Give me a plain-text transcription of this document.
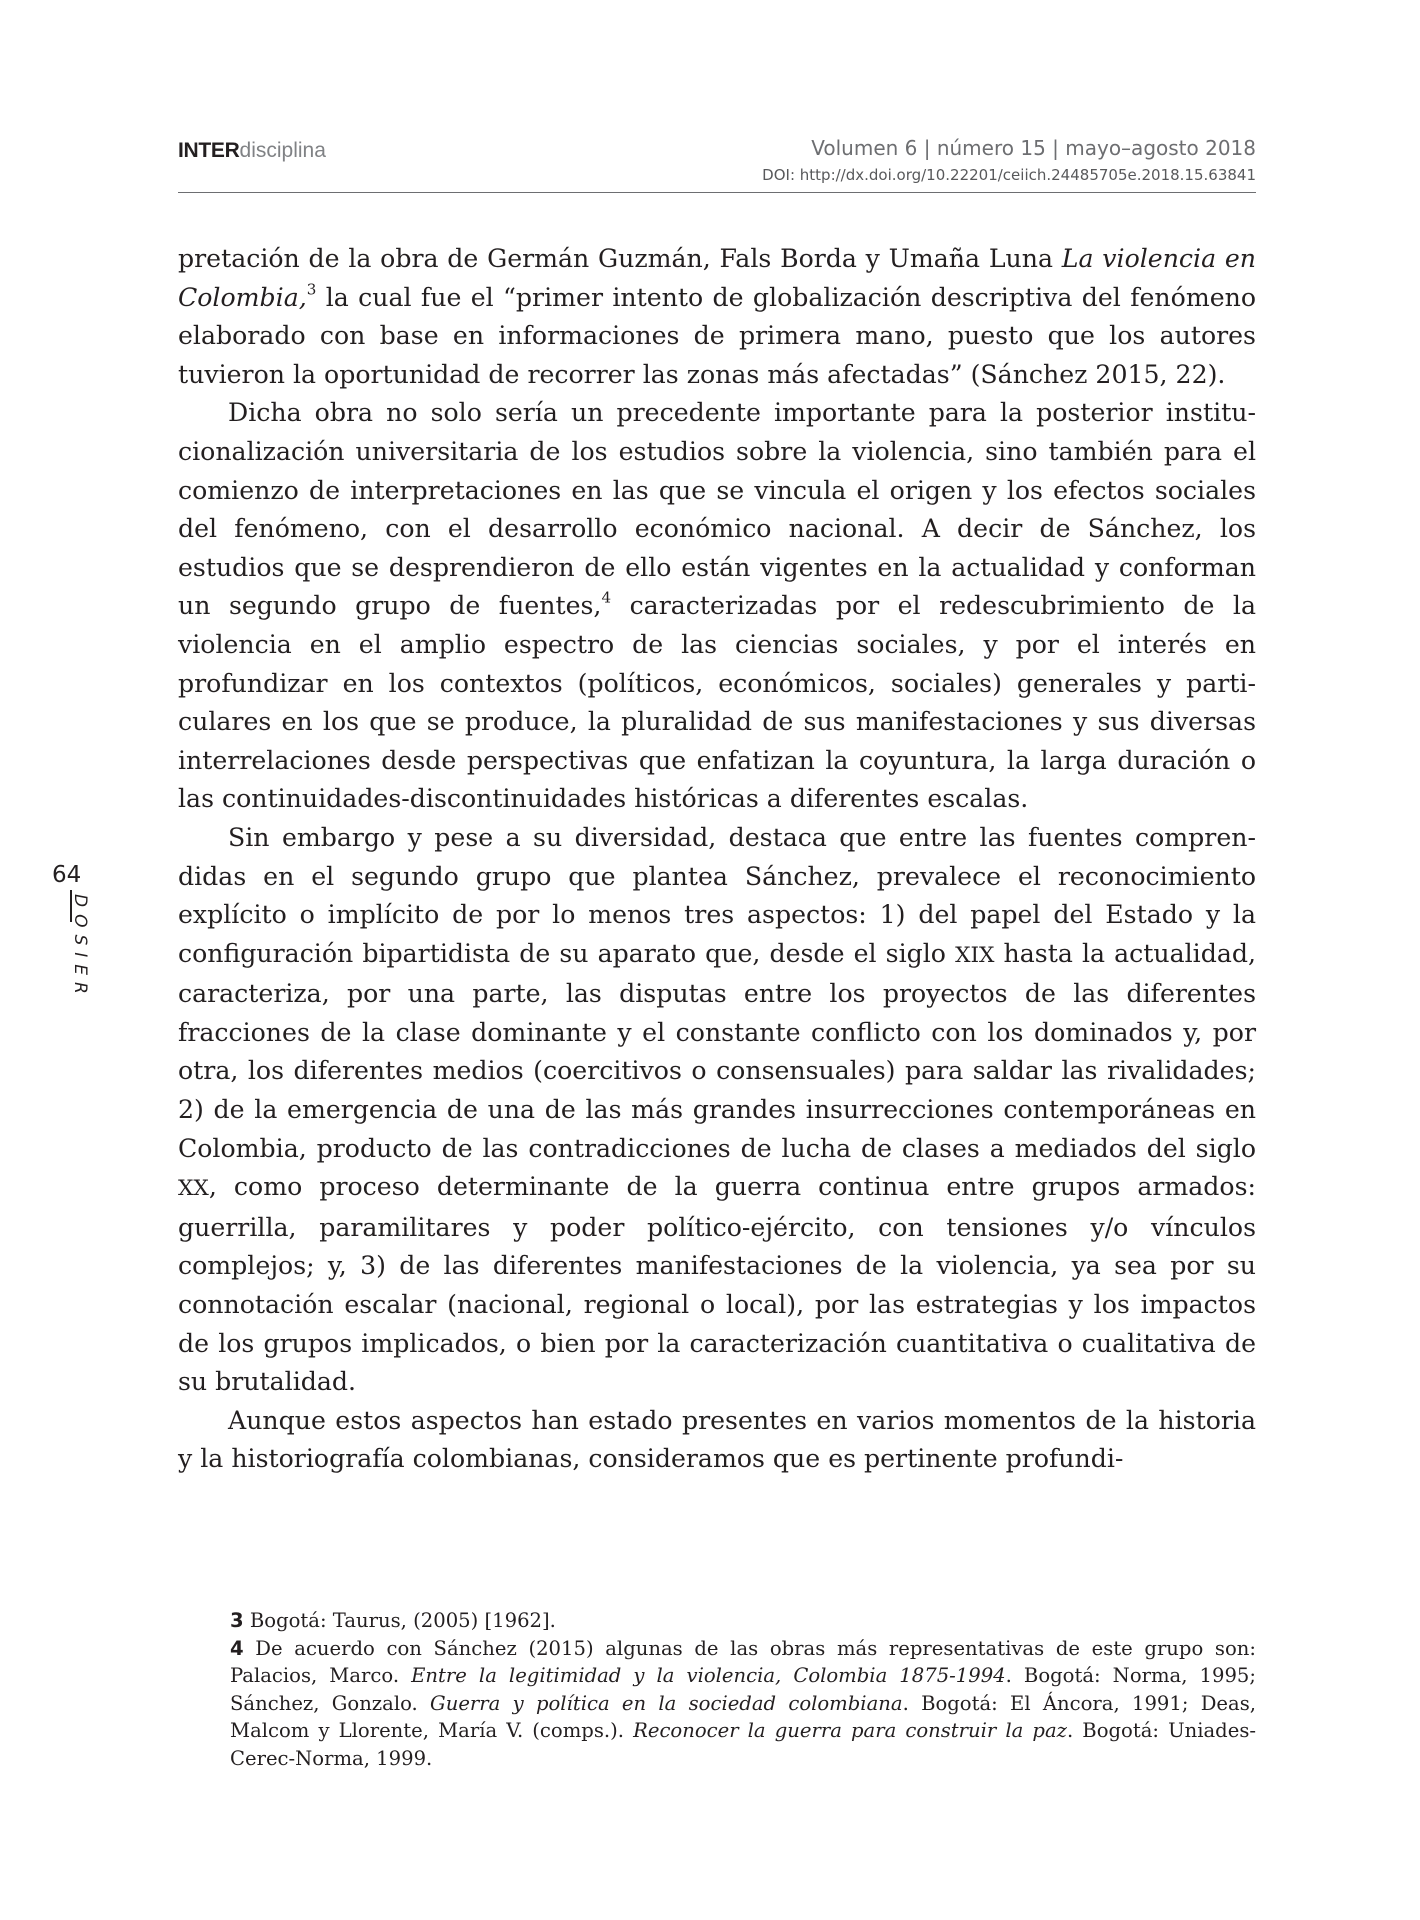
INTERdisciplina	Volumen 6 | número 15 | mayo–agosto 2018
DOI: http://dx.doi.org/10.22201/ceiich.24485705e.2018.15.63841
64
DOSIER

pretación de la obra de Germán Guzmán, Fals Borda y Umaña Luna La violencia en Colombia,$^3$ la cual fue el “primer intento de globalización descriptiva del fenómeno elaborado con base en informaciones de primera mano, puesto que los autores tuvieron la oportunidad de recorrer las zonas más afectadas” (Sánchez 2015, 22).

Dicha obra no solo sería un precedente importante para la posterior institucionalización universitaria de los estudios sobre la violencia, sino también para el comienzo de interpretaciones en las que se vincula el origen y los efectos sociales del fenómeno, con el desarrollo económico nacional. A decir de Sánchez, los estudios que se desprendieron de ello están vigentes en la actualidad y conforman un segundo grupo de fuentes,$^4$ caracterizadas por el redescubrimiento de la violencia en el amplio espectro de las ciencias sociales, y por el interés en profundizar en los contextos (políticos, económicos, sociales) generales y particulares en los que se produce, la pluralidad de sus manifestaciones y sus diversas interrelaciones desde perspectivas que enfatizan la coyuntura, la larga duración o las continuidades-discontinuidades históricas a diferentes escalas.

Sin embargo y pese a su diversidad, destaca que entre las fuentes comprendidas en el segundo grupo que plantea Sánchez, prevalece el reconocimiento explícito o implícito de por lo menos tres aspectos: 1) del papel del Estado y la configuración bipartidista de su aparato que, desde el siglo XIX hasta la actualidad, caracteriza, por una parte, las disputas entre los proyectos de las diferentes fracciones de la clase dominante y el constante conflicto con los dominados y, por otra, los diferentes medios (coercitivos o consensuales) para saldar las rivalidades; 2) de la emergencia de una de las más grandes insurrecciones contemporáneas en Colombia, producto de las contradicciones de lucha de clases a mediados del siglo XX, como proceso determinante de la guerra continua entre grupos armados: guerrilla, paramilitares y poder político-ejército, con tensiones y/o vínculos complejos; y, 3) de las diferentes manifestaciones de la violencia, ya sea por su connotación escalar (nacional, regional o local), por las estrategias y los impactos de los grupos implicados, o bien por la caracterización cuantitativa o cualitativa de su brutalidad.

Aunque estos aspectos han estado presentes en varios momentos de la historia y la historiografía colombianas, consideramos que es pertinente profundi-

3 Bogotá: Taurus, (2005) [1962].

4 De acuerdo con Sánchez (2015) algunas de las obras más representativas de este grupo son: Palacios, Marco. Entre la legitimidad y la violencia, Colombia 1875-1994. Bogotá: Norma, 1995; Sánchez, Gonzalo. Guerra y política en la sociedad colombiana. Bogotá: El Áncora, 1991; Deas, Malcom y Llorente, María V. (comps.). Reconocer la guerra para construir la paz. Bogotá: Uniades-Cerec-Norma, 1999.
